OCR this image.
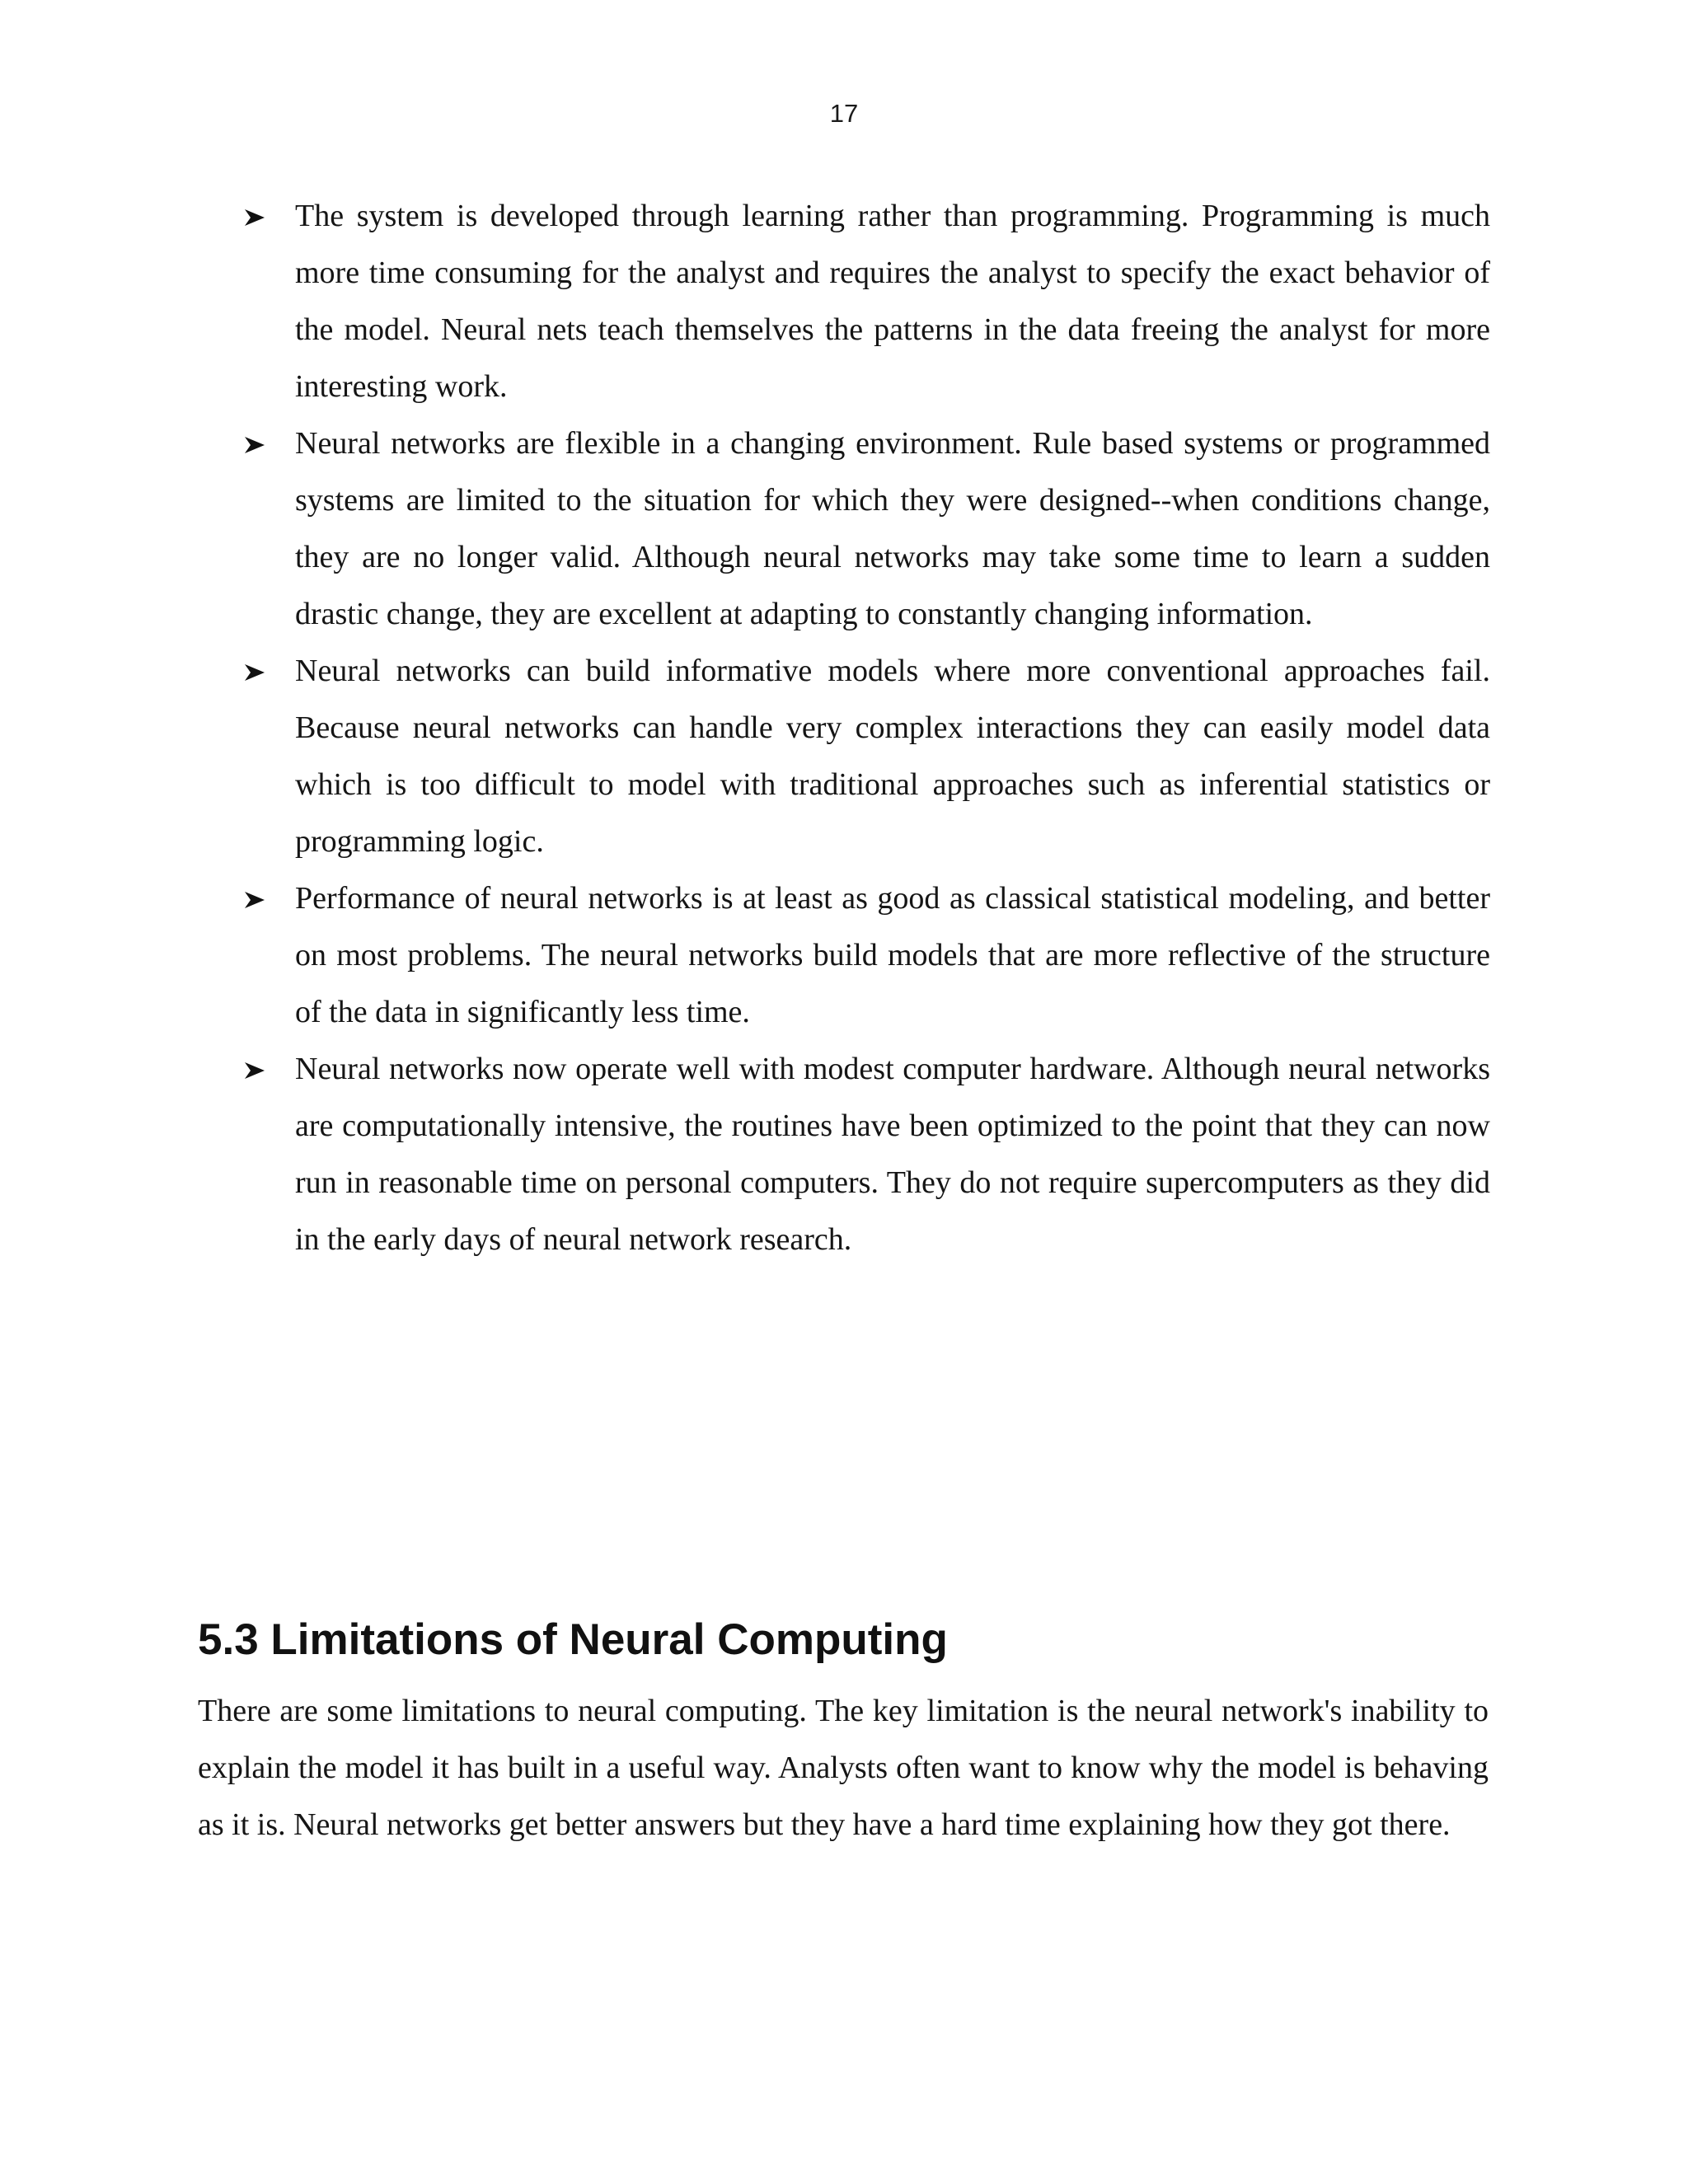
17
The system is developed through learning rather than programming. Programming is much more time consuming for the analyst and requires the analyst to specify the exact behavior of the model. Neural nets teach themselves the patterns in the data freeing the analyst for more interesting work.
Neural networks are flexible in a changing environment. Rule based systems or programmed systems are limited to the situation for which they were designed--when conditions change, they are no longer valid. Although neural networks may take some time to learn a sudden drastic change, they are excellent at adapting to constantly changing information.
Neural networks can build informative models where more conventional approaches fail. Because neural networks can handle very complex interactions they can easily model data which is too difficult to model with traditional approaches such as inferential statistics or programming logic.
Performance of neural networks is at least as good as classical statistical modeling, and better on most problems. The neural networks build models that are more reflective of the structure of the data in significantly less time.
Neural networks now operate well with modest computer hardware. Although neural networks are computationally intensive, the routines have been optimized to the point that they can now run in reasonable time on personal computers. They do not require supercomputers as they did in the early days of neural network research.
5.3 Limitations of Neural Computing

There are some limitations to neural computing. The key limitation is the neural network's inability to explain the model it has built in a useful way. Analysts often want to know why the model is behaving as it is. Neural networks get better answers but they have a hard time explaining how they got there.
